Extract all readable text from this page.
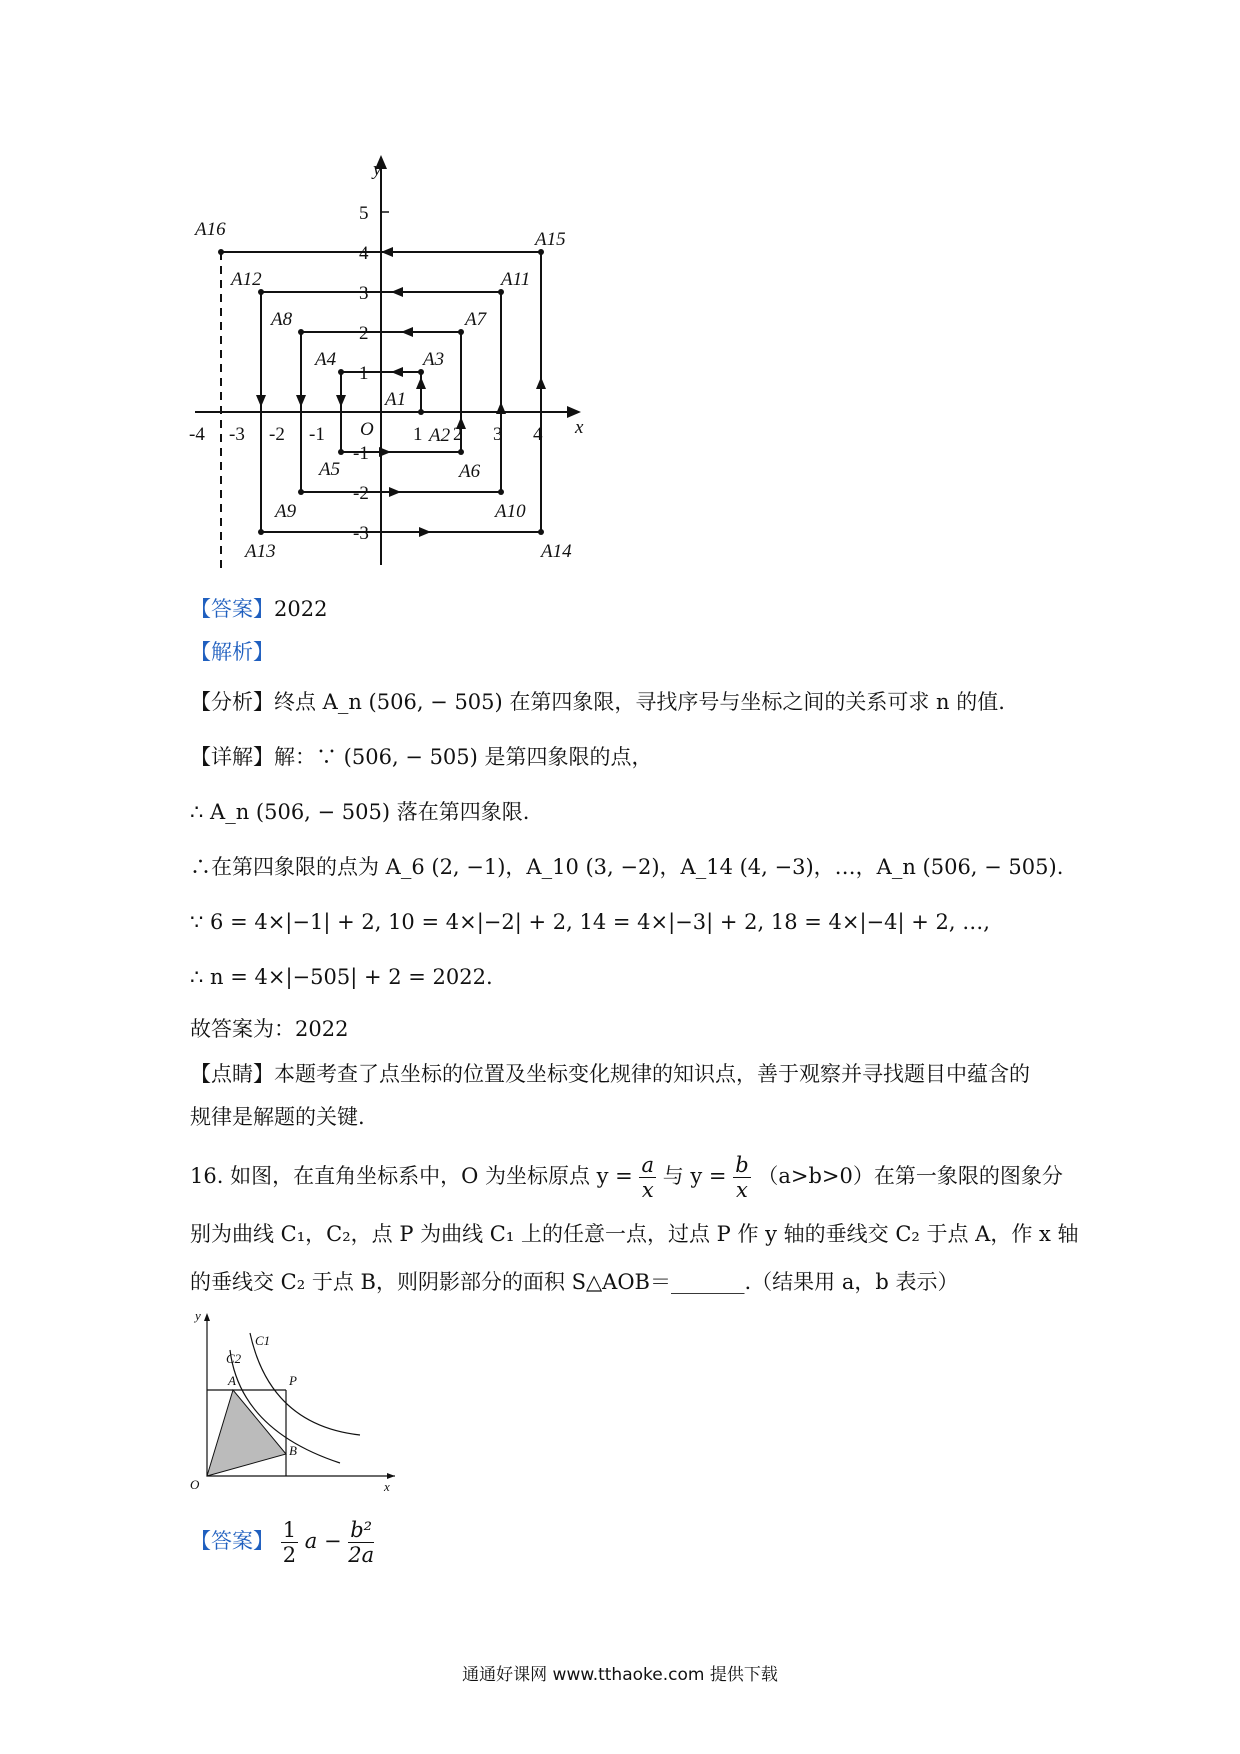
y
x
O
-4 -3 -2 -1	1 2 3 4
5
4
3
2
1
-1
-2
-3
A1
A2
A3
A4
A5	A6
A7
A8
A9	A10
A11
A12
A13	A14
A15
A16
【答案】2022
【解析】
【分析】终点 A_n (506, − 505) 在第四象限，寻找序号与坐标之间的关系可求 n 的值.
【详解】解：∵ (506, − 505) 是第四象限的点，
∴ A_n (506, − 505) 落在第四象限.
∴在第四象限的点为 A_6 (2, −1)，A_10 (3, −2)，A_14 (4, −3)，…，A_n (506, − 505).
∵ 6 = 4×|−1| + 2, 10 = 4×|−2| + 2, 14 = 4×|−3| + 2, 18 = 4×|−4| + 2, …,
∴ n = 4×|−505| + 2 = 2022.
故答案为：2022
【点睛】本题考查了点坐标的位置及坐标变化规律的知识点，善于观察并寻找题目中蕴含的
规律是解题的关键.
16. 如图，在直角坐标系中，O 为坐标原点 $y = \frac{a}{x}$ 与 $y = \frac{b}{x} (a>b>0)$在第一象限的图象分
别为曲线 C₁，C₂，点 P 为曲线 C₁ 上的任意一点，过点 P 作 y 轴的垂线交 C₂ 于点 A，作 x 轴
的垂线交 C₂ 于点 B，则阴影部分的面积 S△AOB＝_______.（结果用 a，b 表示）
y
C2
C1
A	P
B
O	x
【答案】 $\frac{1}{2}$ $a - \frac{\text{b²}}{2a}$
通通好课网 www.tthaoke.com 提供下载
